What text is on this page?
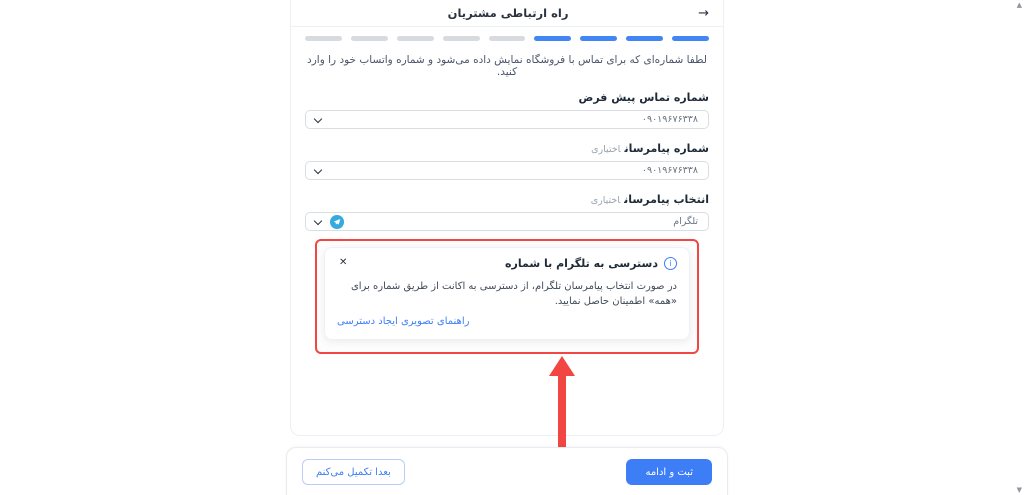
→
راه ارتباطی مشتریان
لطفا شماره‌ای که برای تماس با فروشگاه نمایش داده می‌شود و شماره واتساب خود را وارد کنید.
شماره تماس پیش فرض
۰۹۰۱۹۶۷۶۳۳۸
شماره پیامرساناختیاری
۰۹۰۱۹۶۷۶۳۳۸
انتخاب پیامرساناختیاری
تلگرام
i
دسترسی به تلگرام با شماره
✕
در صورت انتخاب پیامرسان تلگرام، از دسترسی به اکانت از طریق شماره برای «همه» اطمینان حاصل نمایید.
راهنمای تصویری ایجاد دسترسی
ثبت و ادامه
بعدا تکمیل می‌کنم
▲
▼
